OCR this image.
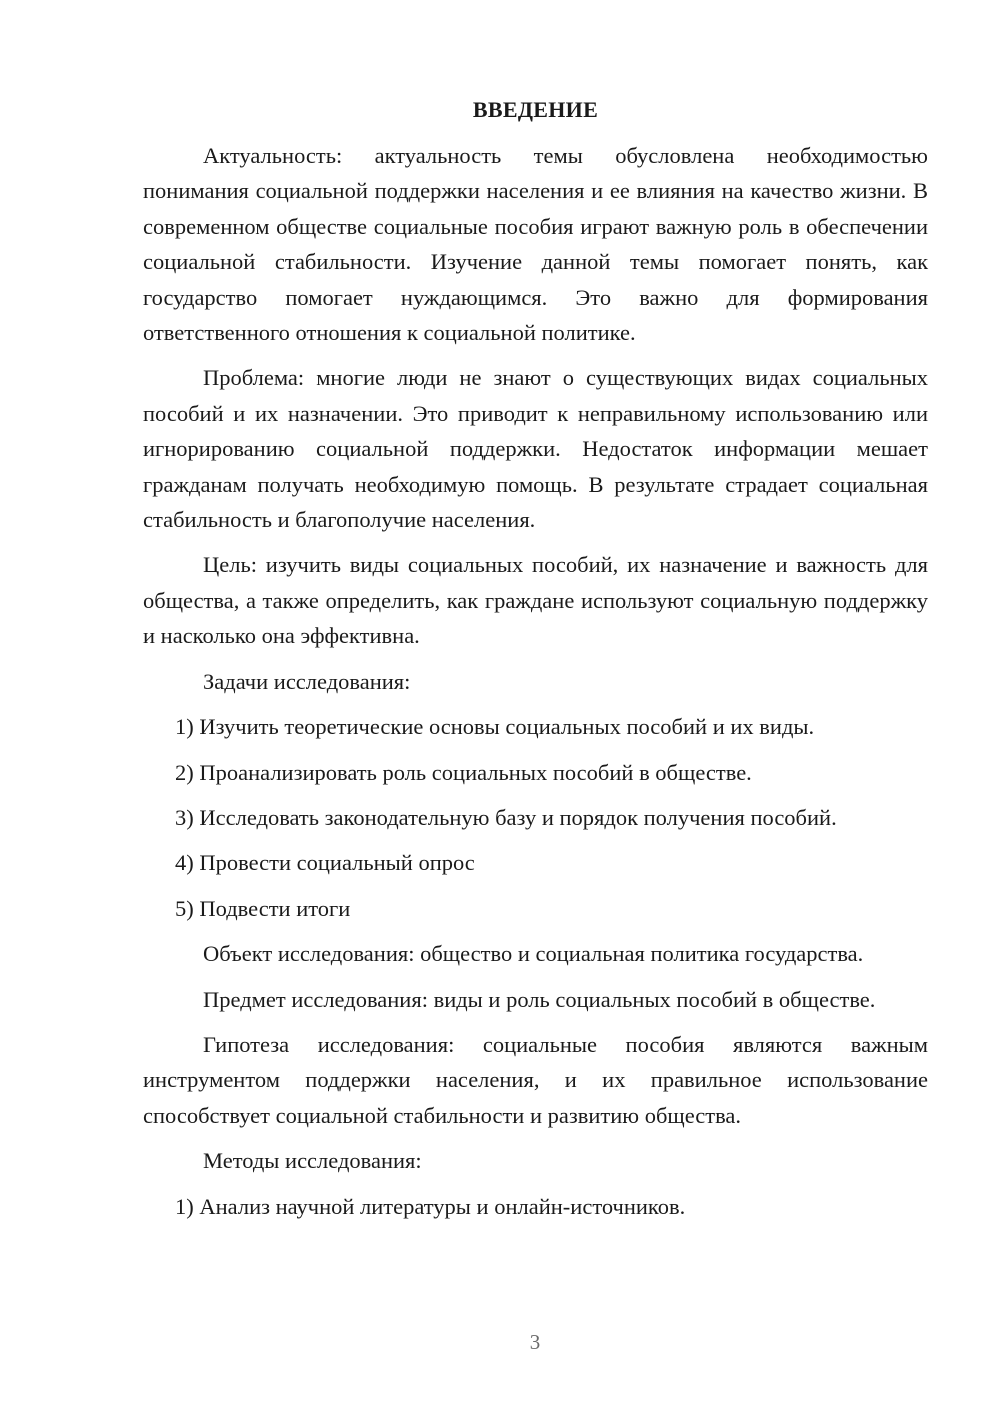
ВВЕДЕНИЕ

Актуальность: актуальность темы обусловлена необходимостью понимания социальной поддержки населения и ее влияния на качество жизни. В современном обществе социальные пособия играют важную роль в обеспечении социальной стабильности. Изучение данной темы помогает понять, как государство помогает нуждающимся. Это важно для формирования ответственного отношения к социальной политике.

Проблема: многие люди не знают о существующих видах социальных пособий и их назначении. Это приводит к неправильному использованию или игнорированию социальной поддержки. Недостаток информации мешает гражданам получать необходимую помощь. В результате страдает социальная стабильность и благополучие населения.

Цель: изучить виды социальных пособий, их назначение и важность для общества, а также определить, как граждане используют социальную поддержку и насколько она эффективна.

Задачи исследования:
1) Изучить теоретические основы социальных пособий и их виды.
2) Проанализировать роль социальных пособий в обществе.
3) Исследовать законодательную базу и порядок получения пособий.
4) Провести социальный опрос
5) Подвести итоги

Объект исследования: общество и социальная политика государства.

Предмет исследования: виды и роль социальных пособий в обществе.

Гипотеза исследования: социальные пособия являются важным инструментом поддержки населения, и их правильное использование способствует социальной стабильности и развитию общества.

Методы исследования:
1) Анализ научной литературы и онлайн-источников.
3
